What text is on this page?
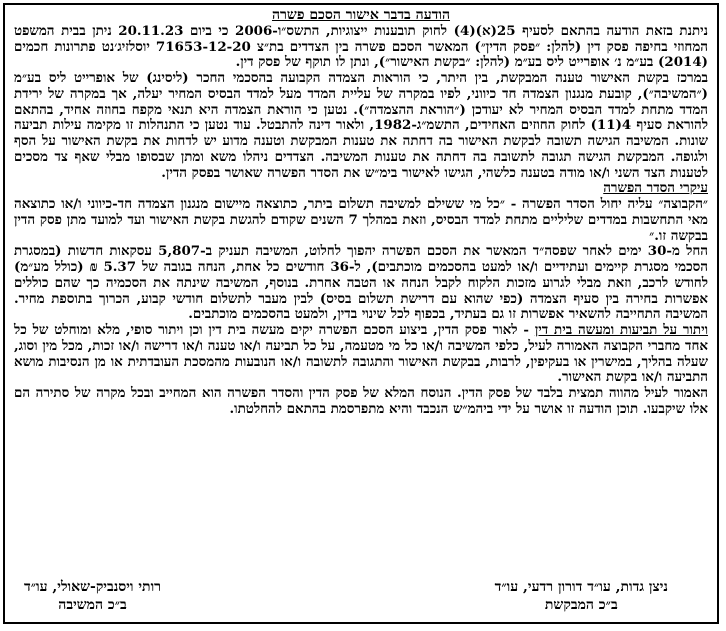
הודעה בדבר אישור הסכם פשרה

ניתנת בזאת הודעה בהתאם לסעיף 25(א)(4) לחוק תובענות ייצוגיות, התשס״ו-2006 כי ביום 20.11.23 ניתן בבית המשפט המחוזי בחיפה פסק דין (להלן: ״פסק הדין״) המאשר הסכם פשרה בין הצדדים בת״צ 71653-12-20 יוסלזיג׳נט פתרונות חכמים (2014) בע״מ נ׳ אופרייט ליס בע״מ (להלן: ״בקשת האישור״), ונתן לו תוקף של פסק דין.

במרכז בקשת האישור טענה המבקשת, בין היתר, כי הוראות הצמדה הקבועה בהסכמי החכר (ליסינג) של אופרייט ליס בע״מ (״המשיבה״), קובעת מנגנון הצמדה חד כיווני, לפיו במקרה של עליית המדד מעל למדד הבסיס המחיר יעלה, אך במקרה של ירידת המדד מתחת למדד הבסיס המחיר לא יעודכן (״הוראת ההצמדה״). נטען כי הוראת הצמדה היא תנאי מקפח בחוזה אחיד, בהתאם להוראת סעיף 4(11) לחוק החוזים האחידים, התשמ״ג-1982, ולאור דינה להתבטל. עוד נטען כי התנהלות זו מקימה עילות תביעה שונות. המשיבה הגישה תשובה לבקשת האישור בה דחתה את טענות המבקשת וטענה מדוע יש לדחות את בקשת האישור על הסף ולגופה. המבקשת הגישה תגובה לתשובה בה דחתה את טענות המשיבה. הצדדים ניהלו משא ומתן שבסופו מבלי שאף צד מסכים לטענות הצד השני ו/או מודה בטענה כלשהי, הגישו לאישור בימ״ש את הסדר הפשרה שאושר בפסק הדין.

עיקרי הסדר הפשרה

״הקבוצה״ עליה יחול הסדר הפשרה - ״כל מי ששילם למשיבה תשלום ביתר, כתוצאה מיישום מנגנון הצמדה חד-כיווני ו/או כתוצאה מאי התחשבות במדדים שליליים מתחת למדד הבסיס, וזאת במהלך 7 השנים שקודם להגשת בקשת האישור ועד למועד מתן פסק הדין בבקשה זו.״

החל מ-30 ימים לאחר שפסה״ד המאשר את הסכם הפשרה יהפוך לחלוט, המשיבה תעניק ב-5,807 עסקאות חדשות (במסגרת הסכמי מסגרת קיימים ועתידיים ו/או למעט בהסכמים מוכתבים), ל-36 חודשים כל אחת, הנחה בגובה של 5.37 ₪ (כולל מע״מ) לחודש לרכב, וזאת מבלי לגרוע מזכות הלקוח לקבל הנחה או הטבה אחרת. בנוסף, המשיבה שינתה את הסכמיה כך שהם כוללים אפשרות בחירה בין סעיף הצמדה (כפי שהוא עם דרישת תשלום בסיס) לבין מעבר לתשלום חודשי קבוע, הכרוך בתוספת מחיר. המשיבה התחייבה להשאיר אפשרות זו גם בעתיד, בכפוף לכל שינוי בדין, ולמעט בהסכמים מוכתבים.

ויתור על תביעות ומעשה בית דין - לאור פסק הדין, ביצוע הסכם הפשרה יקים מעשה בית דין וכן ויתור סופי, מלא ומוחלט של כל אחד מחברי הקבוצה האמורה לעיל, כלפי המשיבה ו/או כל מי מטעמה, על כל תביעה ו/או טענה ו/או דרישה ו/או זכות, מכל מין וסוג, שעלה בהליך, במישרין או בעקיפין, לרבות, בבקשת האישור והתגובה לתשובה ו/או הנובעות מהמסכת העובדתית או מן הנסיבות מושא התביעה ו/או בקשת האישור.

האמור לעיל מהווה תמצית בלבד של פסק הדין. הנוסח המלא של פסק הדין והסדר הפשרה הוא המחייב ובכל מקרה של סתירה הם אלו שיקבעו. תוכן הודעה זו אושר על ידי ביהמ״ש הנכבד והיא מתפרסמת בהתאם להחלטתו.

ניצן גדות, עו״ד דורון רדעי, עו״ד
ב״כ המבקשת
רותי ויסנביק-שאולי, עו״ד
ב״כ המשיבה
